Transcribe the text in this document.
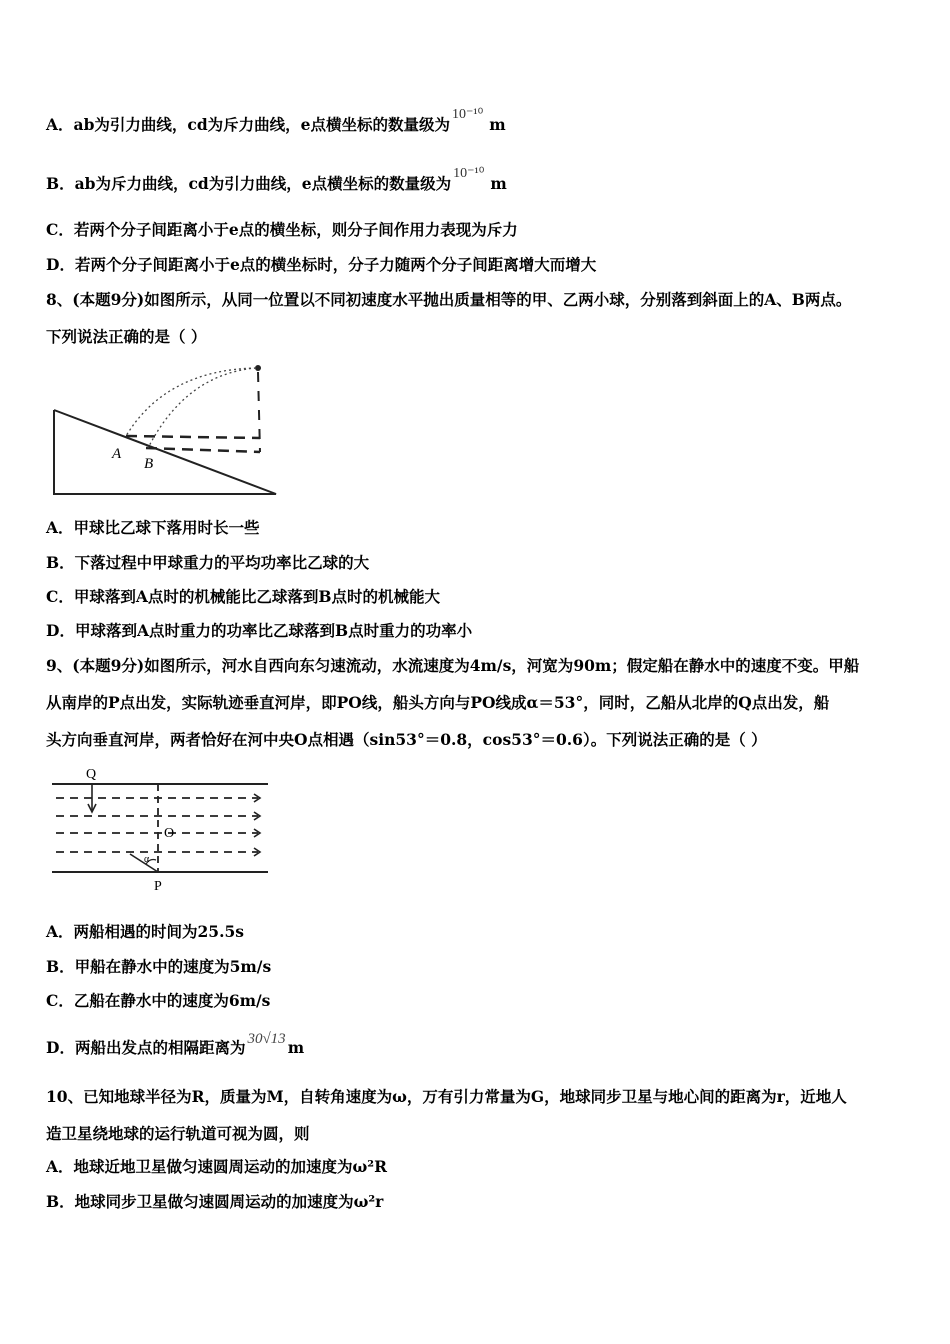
A．ab为引力曲线，cd为斥力曲线，e点横坐标的数量级为10⁻¹⁰m
B．ab为斥力曲线，cd为引力曲线，e点横坐标的数量级为10⁻¹⁰m
C．若两个分子间距离小于e点的横坐标，则分子间作用力表现为斥力
D．若两个分子间距离小于e点的横坐标时，分子力随两个分子间距离增大而增大
8、(本题9分)如图所示，从同一位置以不同初速度水平抛出质量相等的甲、乙两小球，分别落到斜面上的A、B两点。
下列说法正确的是（ ）
A
B
A．甲球比乙球下落用时长一些
B．下落过程中甲球重力的平均功率比乙球的大
C．甲球落到A点时的机械能比乙球落到B点时的机械能大
D．甲球落到A点时重力的功率比乙球落到B点时重力的功率小
9、(本题9分)如图所示，河水自西向东匀速流动，水流速度为4m/s，河宽为90m；假定船在静水中的速度不变。甲船
从南岸的P点出发，实际轨迹垂直河岸，即PO线，船头方向与PO线成α＝53°，同时，乙船从北岸的Q点出发，船
头方向垂直河岸，两者恰好在河中央O点相遇（sin53°＝0.8，cos53°＝0.6）。下列说法正确的是（ ）
Q
O
P
α
A．两船相遇的时间为25.5s
B．甲船在静水中的速度为5m/s
C．乙船在静水中的速度为6m/s
D．两船出发点的相隔距离为 30√13 m
10、已知地球半径为R，质量为M，自转角速度为ω，万有引力常量为G，地球同步卫星与地心间的距离为r，近地人
造卫星绕地球的运行轨道可视为圆，则
A．地球近地卫星做匀速圆周运动的加速度为ω²R
B．地球同步卫星做匀速圆周运动的加速度为ω²r
